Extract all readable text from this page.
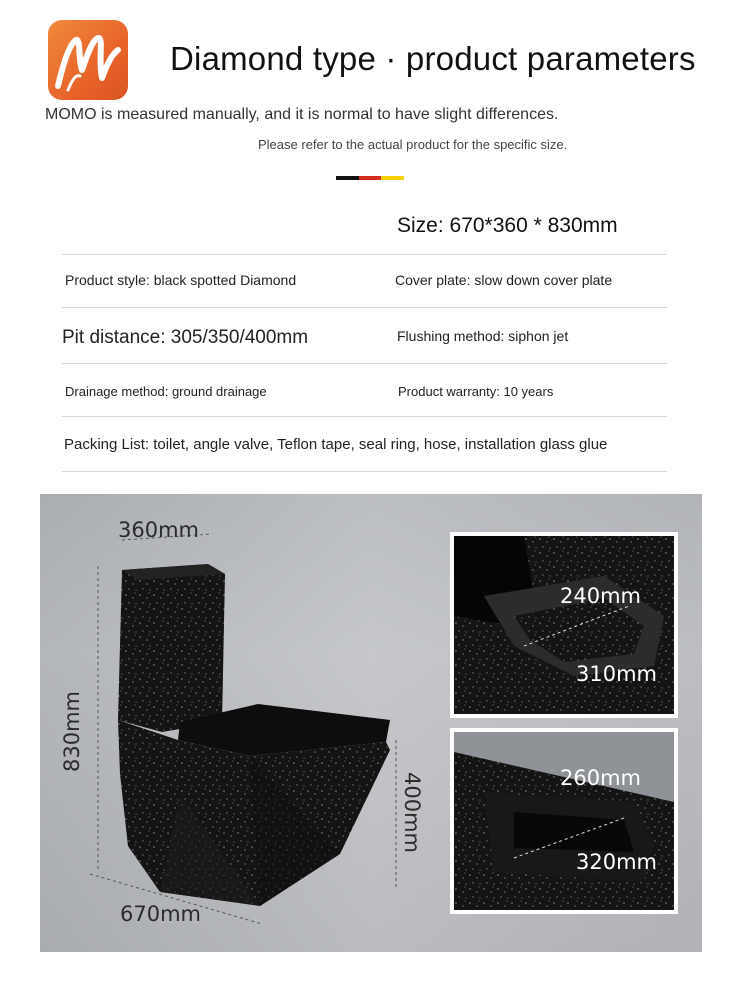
Diamond type · product parameters
MOMO is measured manually, and it is normal to have slight differences.
Please refer to the actual product for the specific size.
Size: 670*360 * 830mm
Product style: black spotted Diamond	Cover plate: slow down cover plate
Pit distance: 305/350/400mm	Flushing method: siphon jet
Drainage method: ground drainage	Product warranty: 10 years
Packing List: toilet, angle valve, Teflon tape, seal ring, hose, installation glass glue
360mm
830mm
400mm
670mm
240mm
310mm
260mm
320mm
